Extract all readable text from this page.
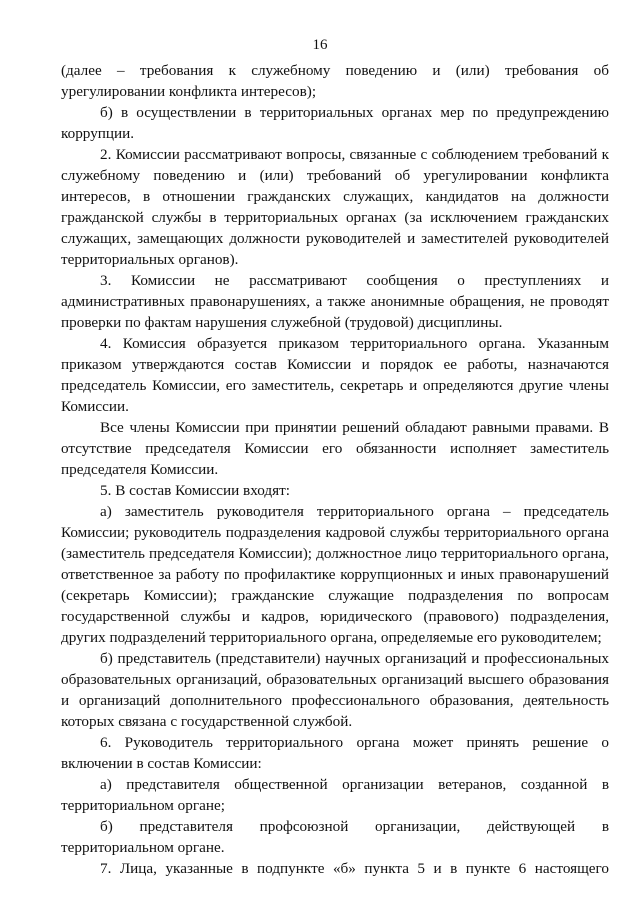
16

(далее – требования к служебному поведению и (или) требования об урегулировании конфликта интересов);

б) в осуществлении в территориальных органах мер по предупреждению коррупции.

2. Комиссии рассматривают вопросы, связанные с соблюдением требований к служебному поведению и (или) требований об урегулировании конфликта интересов, в отношении гражданских служащих, кандидатов на должности гражданской службы в территориальных органах (за исключением гражданских служащих, замещающих должности руководителей и заместителей руководителей территориальных органов).

3. Комиссии не рассматривают сообщения о преступлениях и административных правонарушениях, а также анонимные обращения, не проводят проверки по фактам нарушения служебной (трудовой) дисциплины.

4. Комиссия образуется приказом территориального органа. Указанным приказом утверждаются состав Комиссии и порядок ее работы, назначаются председатель Комиссии, его заместитель, секретарь и определяются другие члены Комиссии.

Все члены Комиссии при принятии решений обладают равными правами. В отсутствие председателя Комиссии его обязанности исполняет заместитель председателя Комиссии.

5. В состав Комиссии входят:

а) заместитель руководителя территориального органа – председатель Комиссии; руководитель подразделения кадровой службы территориального органа (заместитель председателя Комиссии); должностное лицо территориального органа, ответственное за работу по профилактике коррупционных и иных правонарушений (секретарь Комиссии); гражданские служащие подразделения по вопросам государственной службы и кадров, юридического (правового) подразделения, других подразделений территориального органа, определяемые его руководителем;

б) представитель (представители) научных организаций и профессиональных образовательных организаций, образовательных организаций высшего образования и организаций дополнительного профессионального образования, деятельность которых связана с государственной службой.

6. Руководитель территориального органа может принять решение о включении в состав Комиссии:

а) представителя общественной организации ветеранов, созданной в территориальном органе;

б) представителя профсоюзной организации, действующей в территориальном органе.

7. Лица, указанные в подпункте «б» пункта 5 и в пункте 6 настоящего
